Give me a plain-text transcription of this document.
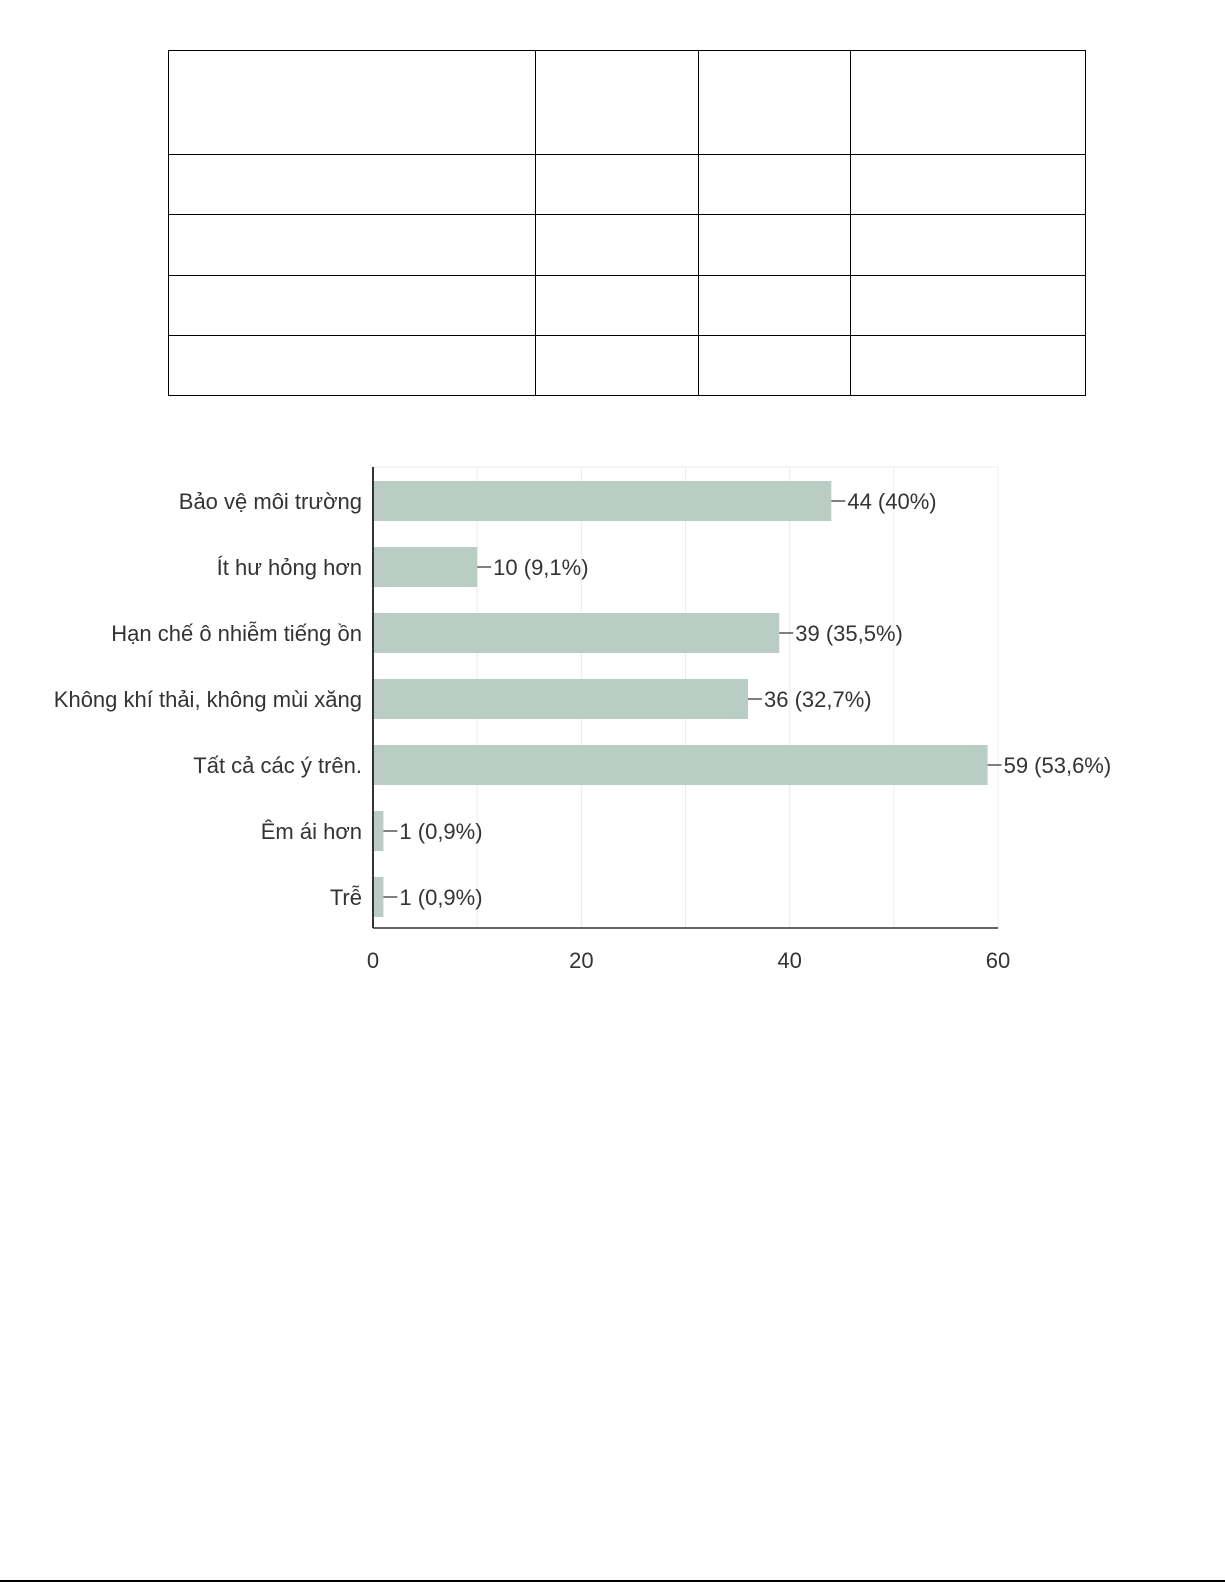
44 (40%)
Bảo vệ môi trường
10 (9,1%)
Ít hư hỏng hơn
39 (35,5%)
Hạn chế ô nhiễm tiếng ồn
36 (32,7%)
Không khí thải, không mùi xăng
59 (53,6%)
Tất cả các ý trên.
1 (0,9%)
Êm ái hơn
1 (0,9%)
Trễ
0	20	40	60
